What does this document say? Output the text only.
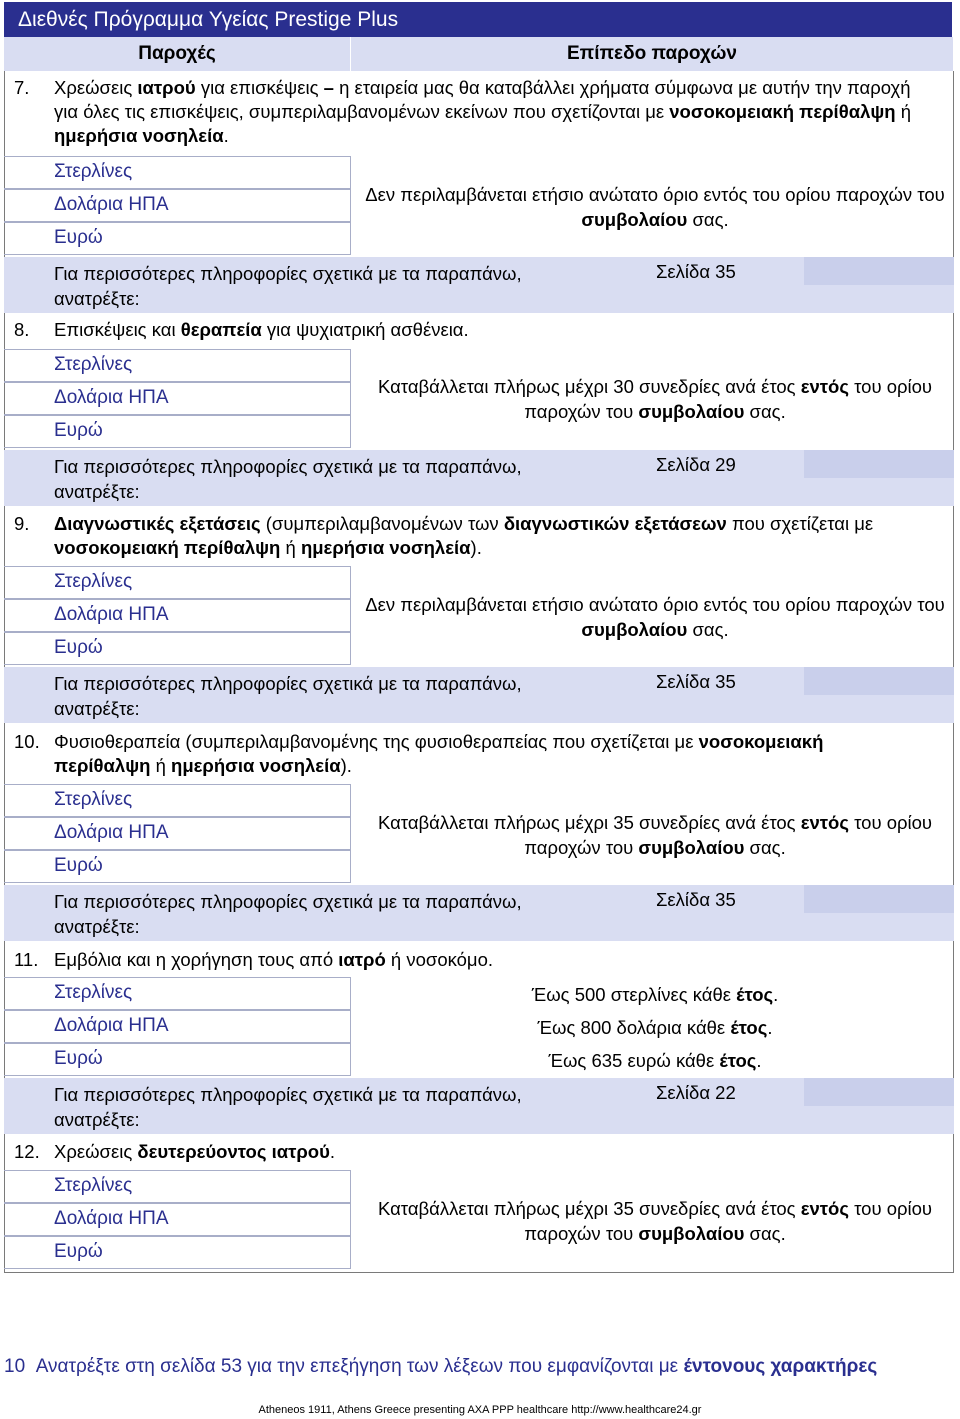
Διεθνές Πρόγραμμα Υγείας Prestige Plus
Παροχές	Επίπεδο παροχών
7. Χρεώσεις ιατρού για επισκέψεις – η εταιρεία μας θα καταβάλλει χρήματα σύμφωνα με αυτήν την παροχή για όλες τις επισκέψεις, συμπεριλαμβανομένων εκείνων που σχετίζονται με νοσοκομειακή περίθαλψη ή ημερήσια νοσηλεία.
Στερλίνες
Δολάρια ΗΠΑ
Ευρώ
Δεν περιλαμβάνεται ετήσιο ανώτατο όριο εντός του ορίου παροχών του συμβολαίου σας.
Για περισσότερες πληροφορίες σχετικά με τα παραπάνω, ανατρέξτε:
Σελίδα 35
8. Επισκέψεις και θεραπεία για ψυχιατρική ασθένεια.
Στερλίνες
Δολάρια ΗΠΑ
Ευρώ
Καταβάλλεται πλήρως μέχρι 30 συνεδρίες ανά έτος εντός του ορίου παροχών του συμβολαίου σας.
Για περισσότερες πληροφορίες σχετικά με τα παραπάνω, ανατρέξτε:
Σελίδα 29
9. Διαγνωστικές εξετάσεις (συμπεριλαμβανομένων των διαγνωστικών εξετάσεων που σχετίζεται με νοσοκομειακή περίθαλψη ή ημερήσια νοσηλεία).
Στερλίνες
Δολάρια ΗΠΑ
Ευρώ
Δεν περιλαμβάνεται ετήσιο ανώτατο όριο εντός του ορίου παροχών του συμβολαίου σας.
Για περισσότερες πληροφορίες σχετικά με τα παραπάνω, ανατρέξτε:
Σελίδα 35
10. Φυσιοθεραπεία (συμπεριλαμβανομένης της φυσιοθεραπείας που σχετίζεται με νοσοκομειακή περίθαλψη ή ημερήσια νοσηλεία).
Στερλίνες
Δολάρια ΗΠΑ
Ευρώ
Καταβάλλεται πλήρως μέχρι 35 συνεδρίες ανά έτος εντός του ορίου παροχών του συμβολαίου σας.
Για περισσότερες πληροφορίες σχετικά με τα παραπάνω, ανατρέξτε:
Σελίδα 35
11. Εμβόλια και η χορήγηση τους από ιατρό ή νοσοκόμο.
Στερλίνες
Δολάρια ΗΠΑ
Ευρώ
Έως 500 στερλίνες κάθε έτος.
Έως 800 δολάρια κάθε έτος.
Έως 635 ευρώ κάθε έτος.
Για περισσότερες πληροφορίες σχετικά με τα παραπάνω, ανατρέξτε:
Σελίδα 22
12. Χρεώσεις δευτερεύοντος ιατρού.
Στερλίνες
Δολάρια ΗΠΑ
Ευρώ
Καταβάλλεται πλήρως μέχρι 35 συνεδρίες ανά έτος εντός του ορίου παροχών του συμβολαίου σας.
10 Ανατρέξτε στη σελίδα 53 για την επεξήγηση των λέξεων που εμφανίζονται με έντονους χαρακτήρες
Atheneos 1911, Athens Greece presenting AXA PPP healthcare http://www.healthcare24.gr
